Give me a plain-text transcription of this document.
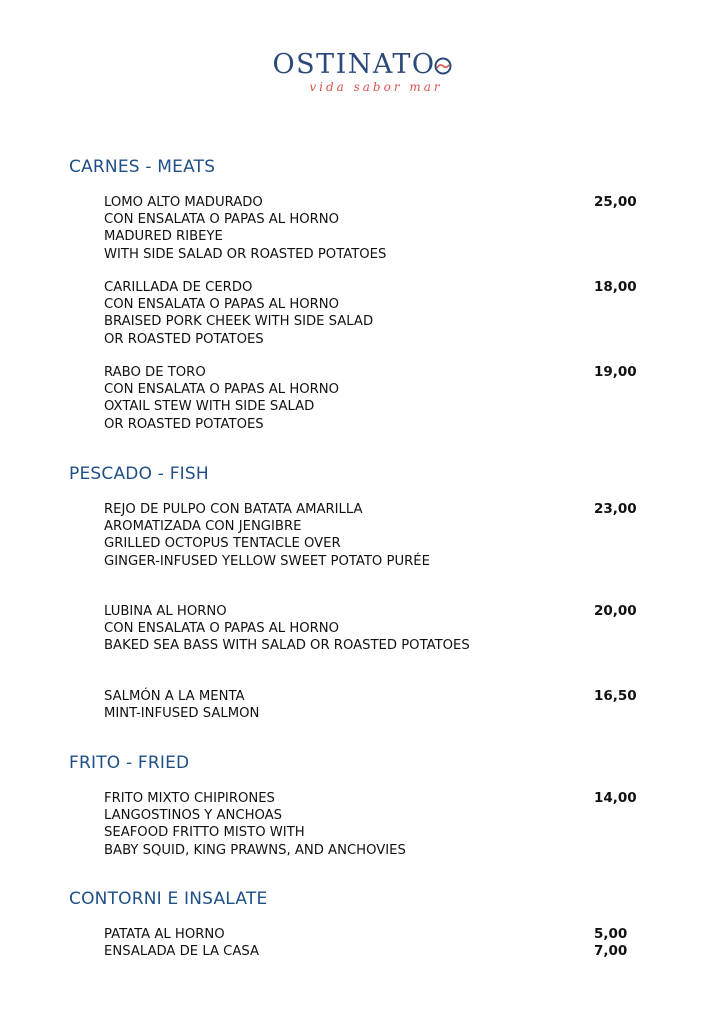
OSTINATO
vida sabor mar
CARNES - MEATS
LOMO ALTO MADURADO
CON ENSALATA O PAPAS AL HORNO
MADURED RIBEYE
WITH SIDE SALAD OR ROASTED POTATOES
25,00
CARILLADA DE CERDO
CON ENSALATA O PAPAS AL HORNO
BRAISED PORK CHEEK WITH SIDE SALAD
OR ROASTED POTATOES
18,00
RABO DE TORO
CON ENSALATA O PAPAS AL HORNO
OXTAIL STEW WITH SIDE SALAD
OR ROASTED POTATOES
19,00
PESCADO - FISH
REJO DE PULPO CON BATATA AMARILLA
AROMATIZADA CON JENGIBRE
GRILLED OCTOPUS TENTACLE OVER
GINGER-INFUSED YELLOW SWEET POTATO PURÉE
23,00
LUBINA AL HORNO
CON ENSALATA O PAPAS AL HORNO
BAKED SEA BASS WITH SALAD OR ROASTED POTATOES
20,00
SALMÓN A LA MENTA
MINT-INFUSED SALMON
16,50
FRITO - FRIED
FRITO MIXTO CHIPIRONES
LANGOSTINOS Y ANCHOAS
SEAFOOD FRITTO MISTO WITH
BABY SQUID, KING PRAWNS, AND ANCHOVIES
14,00
CONTORNI E INSALATE
PATATA AL HORNO	5,00
ENSALADA DE LA CASA	7,00
